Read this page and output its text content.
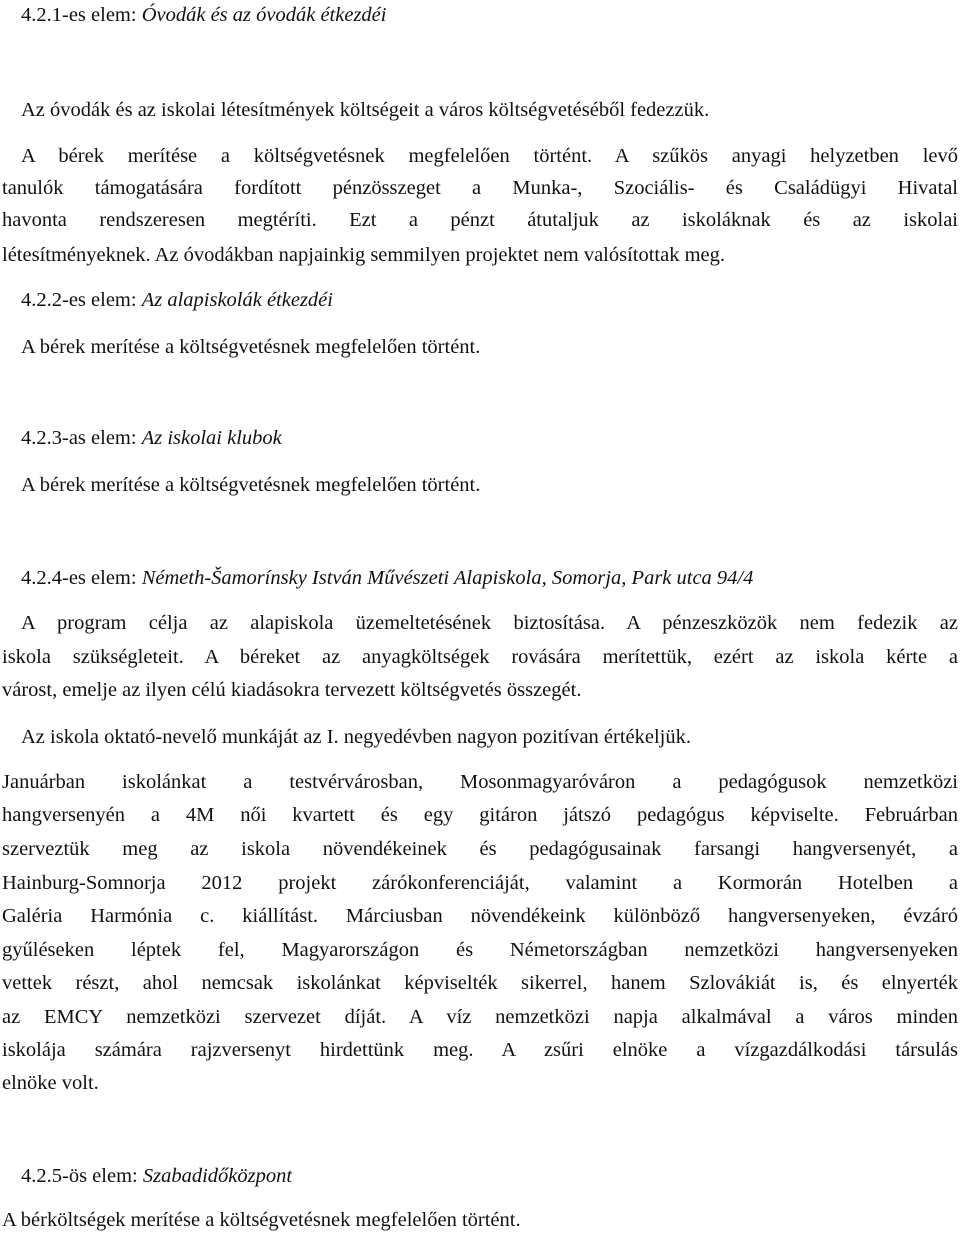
4.2.1-es elem: Óvodák és az óvodák étkezdéi
Az óvodák és az iskolai létesítmények költségeit a város költségvetéséből fedezzük.
A bérek merítése a költségvetésnek megfelelően történt. A szűkös anyagi helyzetben levő
tanulók támogatására fordított pénzösszeget a Munka-, Szociális- és Családügyi Hivatal
havonta rendszeresen megtéríti. Ezt a pénzt átutaljuk az iskoláknak és az iskolai
létesítményeknek. Az óvodákban napjainkig semmilyen projektet nem valósítottak meg.
4.2.2-es elem: Az alapiskolák étkezdéi
A bérek merítése a költségvetésnek megfelelően történt.
4.2.3-as elem: Az iskolai klubok
A bérek merítése a költségvetésnek megfelelően történt.
4.2.4-es elem: Németh-Šamorínsky István Művészeti Alapiskola, Somorja, Park utca 94/4
A program célja az alapiskola üzemeltetésének biztosítása. A pénzeszközök nem fedezik az
iskola szükségleteit. A béreket az anyagköltségek rovására merítettük, ezért az iskola kérte a
várost, emelje az ilyen célú kiadásokra tervezett költségvetés összegét.
Az iskola oktató-nevelő munkáját az I. negyedévben nagyon pozitívan értékeljük.
Januárban iskolánkat a testvérvárosban, Mosonmagyaróváron a pedagógusok nemzetközi
hangversenyén a 4M női kvartett és egy gitáron játszó pedagógus képviselte. Februárban
szerveztük meg az iskola növendékeinek és pedagógusainak farsangi hangversenyét, a
Hainburg-Somnorja 2012 projekt zárókonferenciáját, valamint a Kormorán Hotelben a
Galéria Harmónia c. kiállítást. Márciusban növendékeink különböző hangversenyeken, évzáró
gyűléseken léptek fel, Magyarországon és Németországban nemzetközi hangversenyeken
vettek részt, ahol nemcsak iskolánkat képviselték sikerrel, hanem Szlovákiát is, és elnyerték
az EMCY nemzetközi szervezet díját. A víz nemzetközi napja alkalmával a város minden
iskolája számára rajzversenyt hirdettünk meg. A zsűri elnöke a vízgazdálkodási társulás
elnöke volt.
4.2.5-ös elem: Szabadidőközpont
A bérköltségek merítése a költségvetésnek megfelelően történt.
